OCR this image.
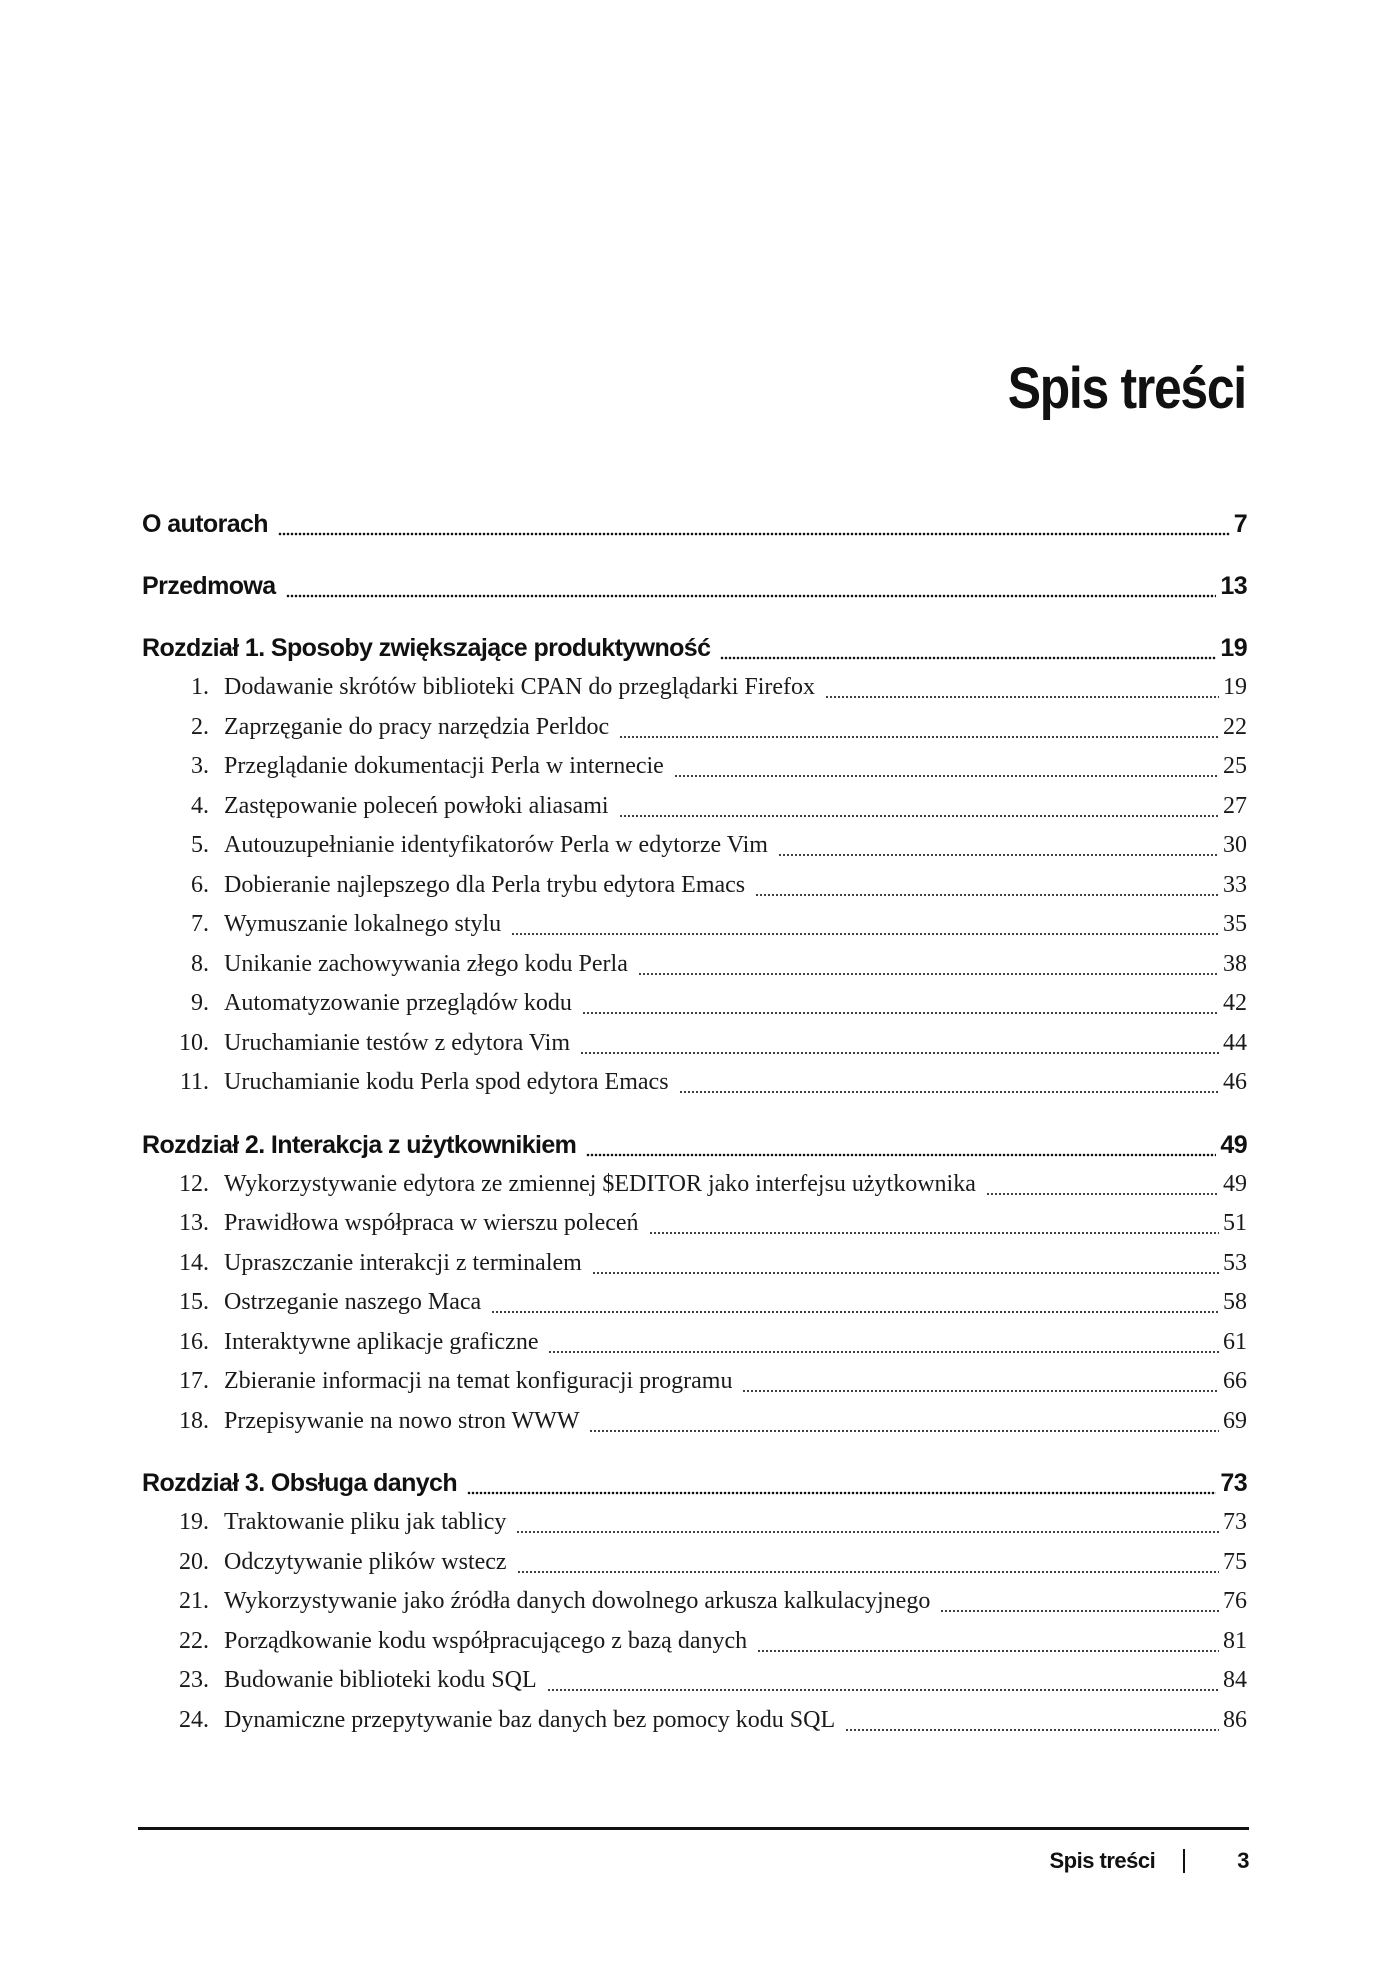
Spis treści
O autorach	7
Przedmowa	13
Rozdział 1. Sposoby zwiększające produktywność	19
1. Dodawanie skrótów biblioteki CPAN do przeglądarki Firefox	19
2. Zaprzęganie do pracy narzędzia Perldoc	22
3. Przeglądanie dokumentacji Perla w internecie	25
4. Zastępowanie poleceń powłoki aliasami	27
5. Autouzupełnianie identyfikatorów Perla w edytorze Vim	30
6. Dobieranie najlepszego dla Perla trybu edytora Emacs	33
7. Wymuszanie lokalnego stylu	35
8. Unikanie zachowywania złego kodu Perla	38
9. Automatyzowanie przeglądów kodu	42
10. Uruchamianie testów z edytora Vim	44
11. Uruchamianie kodu Perla spod edytora Emacs	46
Rozdział 2. Interakcja z użytkownikiem	49
12. Wykorzystywanie edytora ze zmiennej $EDITOR jako interfejsu użytkownika	49
13. Prawidłowa współpraca w wierszu poleceń	51
14. Upraszczanie interakcji z terminalem	53
15. Ostrzeganie naszego Maca	58
16. Interaktywne aplikacje graficzne	61
17. Zbieranie informacji na temat konfiguracji programu	66
18. Przepisywanie na nowo stron WWW	69
Rozdział 3. Obsługa danych	73
19. Traktowanie pliku jak tablicy	73
20. Odczytywanie plików wstecz	75
21. Wykorzystywanie jako źródła danych dowolnego arkusza kalkulacyjnego	76
22. Porządkowanie kodu współpracującego z bazą danych	81
23. Budowanie biblioteki kodu SQL	84
24. Dynamiczne przepytywanie baz danych bez pomocy kodu SQL	86
Spis treści	3
